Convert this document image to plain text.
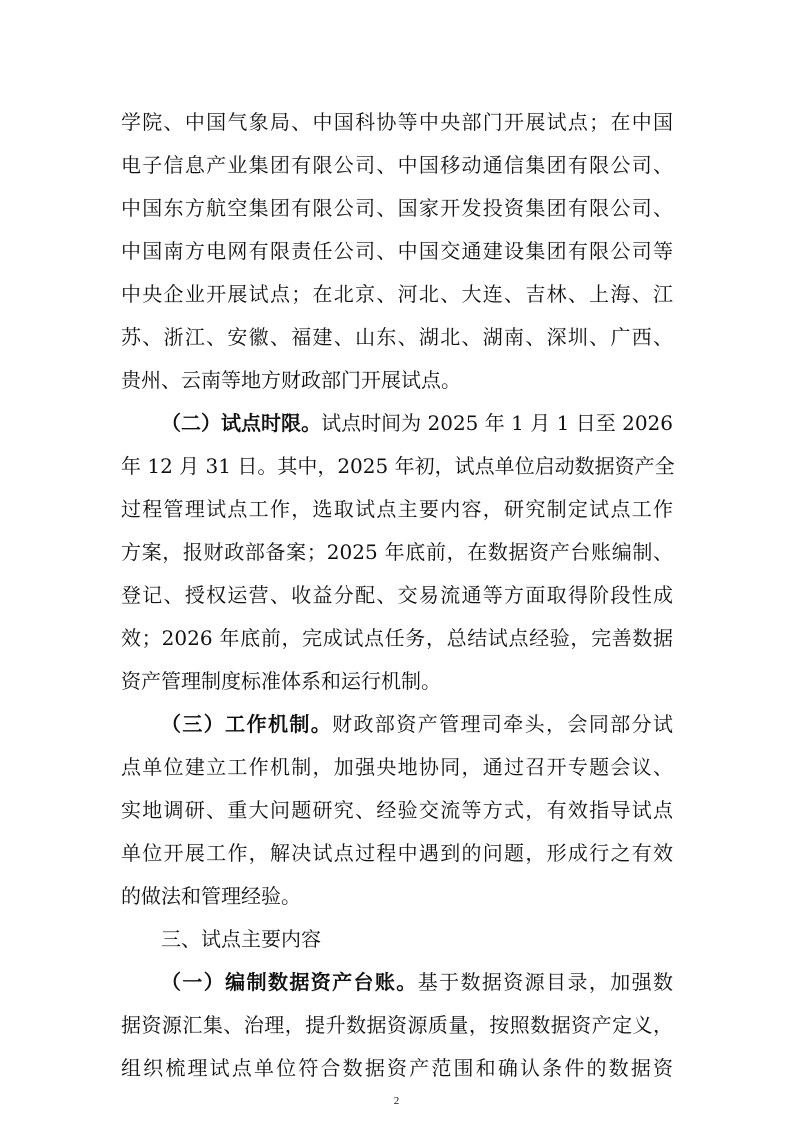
学院、中国气象局、中国科协等中央部门开展试点；在中国
电子信息产业集团有限公司、中国移动通信集团有限公司、
中国东方航空集团有限公司、国家开发投资集团有限公司、
中国南方电网有限责任公司、中国交通建设集团有限公司等
中央企业开展试点；在北京、河北、大连、吉林、上海、江
苏、浙江、安徽、福建、山东、湖北、湖南、深圳、广西、
贵州、云南等地方财政部门开展试点。
（二）试点时限。试点时间为 2025 年 1 月 1 日至 2026
年 12 月 31 日。其中，2025 年初，试点单位启动数据资产全
过程管理试点工作，选取试点主要内容，研究制定试点工作
方案，报财政部备案；2025 年底前，在数据资产台账编制、
登记、授权运营、收益分配、交易流通等方面取得阶段性成
效；2026 年底前，完成试点任务，总结试点经验，完善数据
资产管理制度标准体系和运行机制。
（三）工作机制。财政部资产管理司牵头，会同部分试
点单位建立工作机制，加强央地协同，通过召开专题会议、
实地调研、重大问题研究、经验交流等方式，有效指导试点
单位开展工作，解决试点过程中遇到的问题，形成行之有效
的做法和管理经验。
三、试点主要内容
（一）编制数据资产台账。基于数据资源目录，加强数
据资源汇集、治理，提升数据资源质量，按照数据资产定义，
组织梳理试点单位符合数据资产范围和确认条件的数据资
2
